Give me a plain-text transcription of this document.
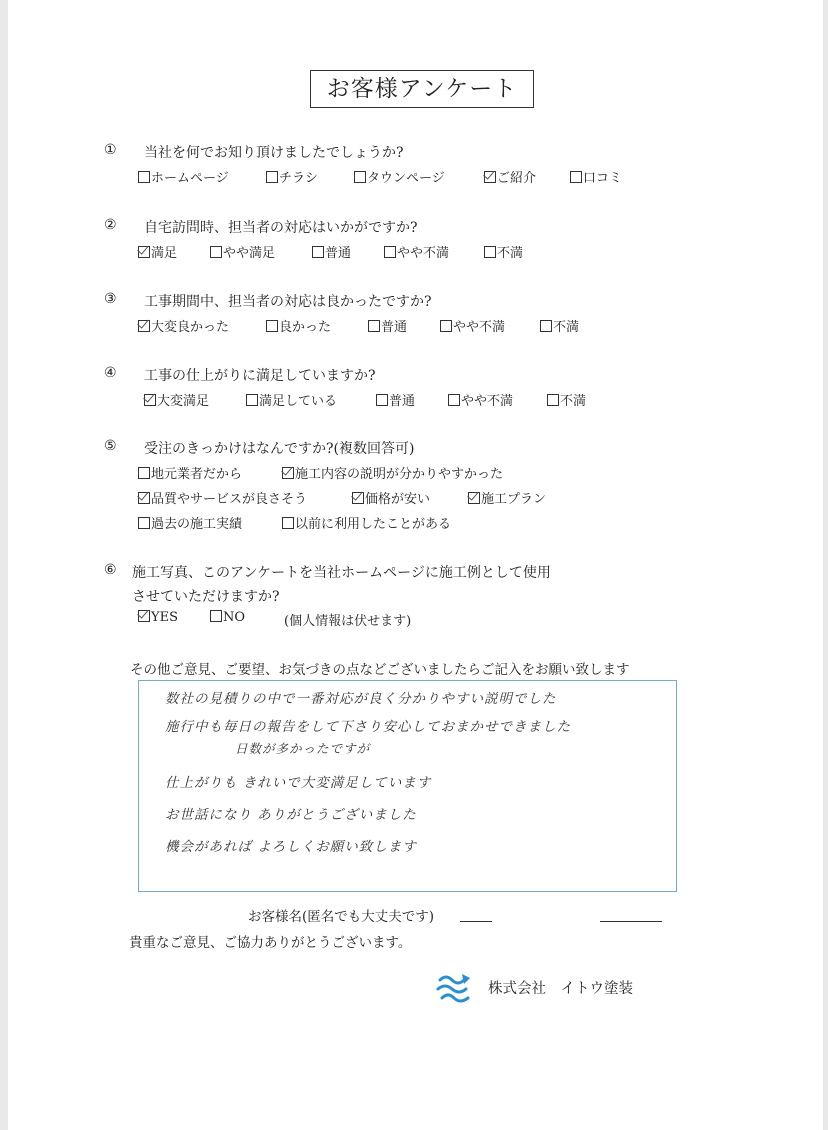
お客様アンケート
① 当社を何でお知り頂けましたでしょうか?
ホームページ	チラシ	タウンページ	ご紹介	口コミ
② 自宅訪問時、担当者の対応はいかがですか?
満足	やや満足	普通	やや不満	不満
③ 工事期間中、担当者の対応は良かったですか?
大変良かった	良かった	普通	やや不満	不満
④ 工事の仕上がりに満足していますか?
大変満足	満足している	普通	やや不満	不満
⑤ 受注のきっかけはなんですか?(複数回答可)
地元業者だから	施工内容の説明が分かりやすかった
品質やサービスが良さそう	価格が安い	施工プラン
過去の施工実績	以前に利用したことがある
⑥ 施工写真、このアンケートを当社ホームページに施工例として使用
させていただけますか?
YES	NO	(個人情報は伏せます)
その他ご意見、ご要望、お気づきの点などございましたらご記入をお願い致します
数社の見積りの中で一番対応が良く分かりやすい説明でした
施行中も毎日の報告をして下さり安心しておまかせできました
日数が多かったですが
仕上がりも きれいで大変満足しています
お世話になり ありがとうございました
機会があれば よろしくお願い致します
お客様名(匿名でも大丈夫です)
貴重なご意見、ご協力ありがとうございます。
株式会社　イトウ塗装
